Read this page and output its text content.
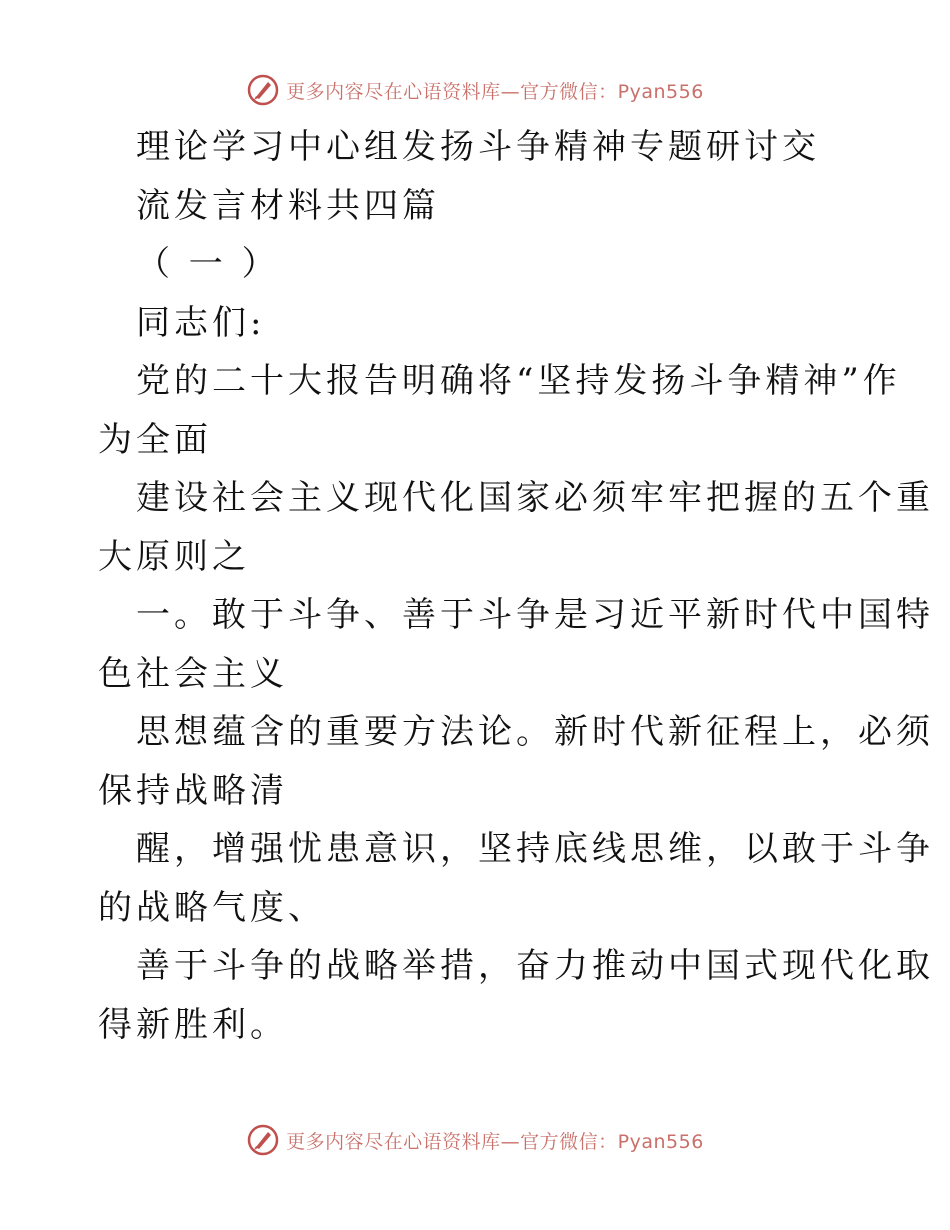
更多内容尽在心语资料库—官方微信：Pyan556
理论学习中心组发扬斗争精神专题研讨交
流发言材料共四篇
（ 一 ）
同志们:
党的二十大报告明确将“坚持发扬斗争精神”作
为全面
建设社会主义现代化国家必须牢牢把握的五个重
大原则之
一。敢于斗争、善于斗争是习近平新时代中国特
色社会主义
思想蕴含的重要方法论。新时代新征程上，必须
保持战略清
醒，增强忧患意识，坚持底线思维，以敢于斗争
的战略气度、
善于斗争的战略举措，奋力推动中国式现代化取
得新胜利。
更多内容尽在心语资料库—官方微信：Pyan556
